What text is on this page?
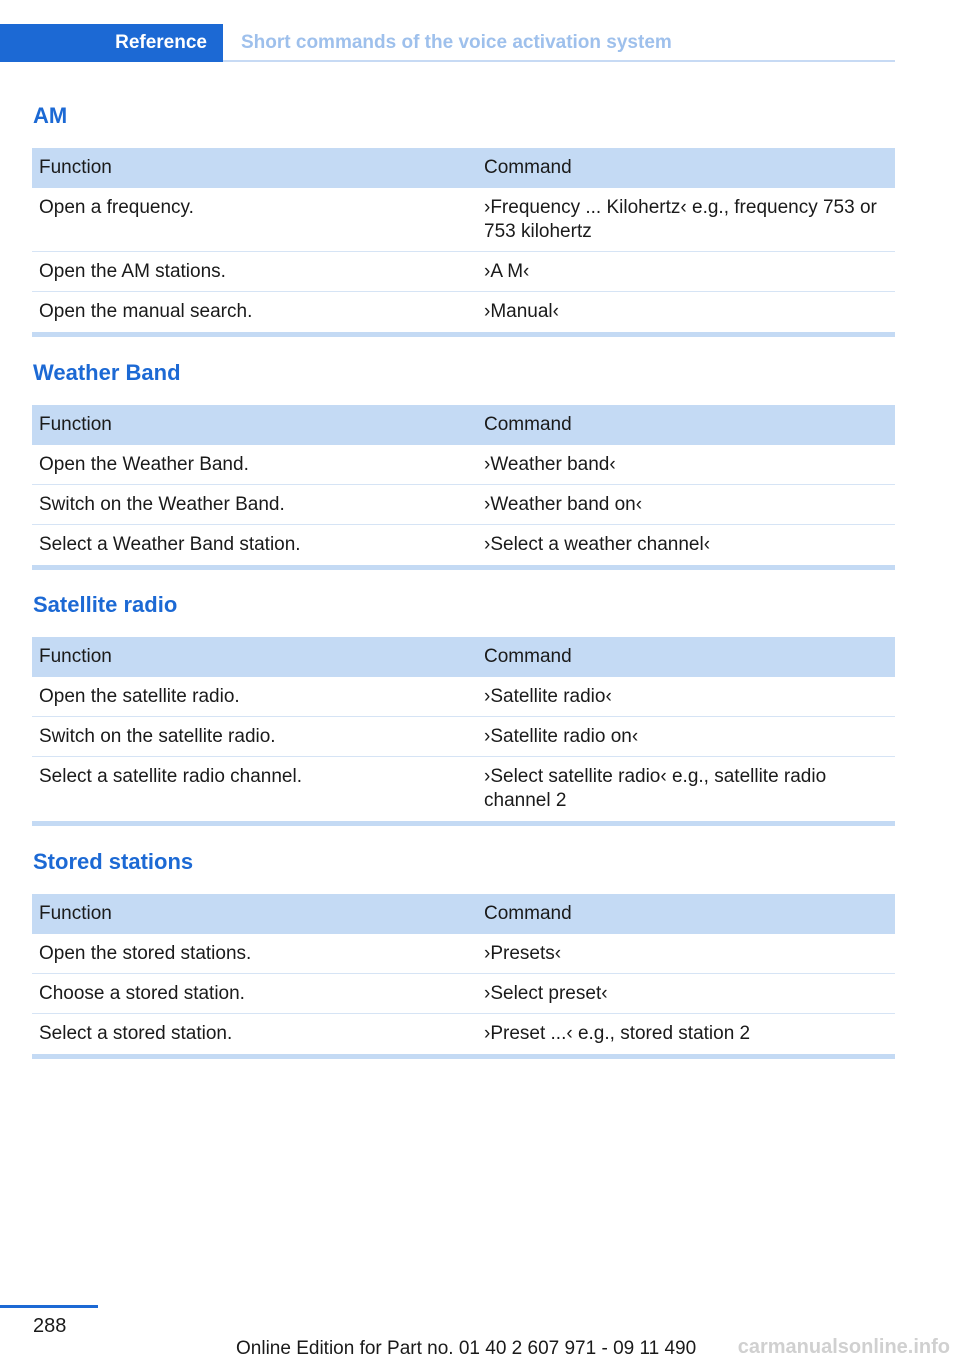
Reference	Short commands of the voice activation system
AM
Function	Command
Open a frequency.	›Frequency ... Kilohertz‹ e.g., frequency 753 or 753 kilohertz
Open the AM stations.	›A M‹
Open the manual search.	›Manual‹
Weather Band
Function	Command
Open the Weather Band.	›Weather band‹
Switch on the Weather Band.	›Weather band on‹
Select a Weather Band station.	›Select a weather channel‹
Satellite radio
Function	Command
Open the satellite radio.	›Satellite radio‹
Switch on the satellite radio.	›Satellite radio on‹
Select a satellite radio channel.	›Select satellite radio‹ e.g., satellite radio channel 2
Stored stations
Function	Command
Open the stored stations.	›Presets‹
Choose a stored station.	›Select preset‹
Select a stored station.	›Preset ...‹ e.g., stored station 2
288
Online Edition for Part no. 01 40 2 607 971 - 09 11 490 carmanualsonline.info
